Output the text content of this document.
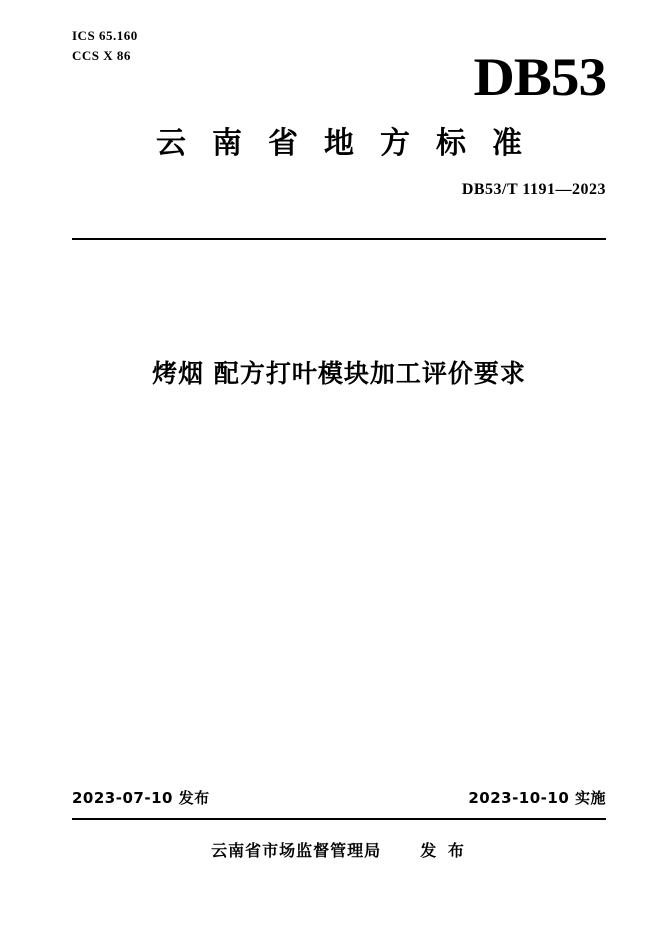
ICS 65.160
CCS X 86	DB53
云南省地方标准
DB53/T 1191—2023
烤烟 配方打叶模块加工评价要求
2023-07-10 发布	2023-10-10 实施
云南省市场监督管理局 发 布
